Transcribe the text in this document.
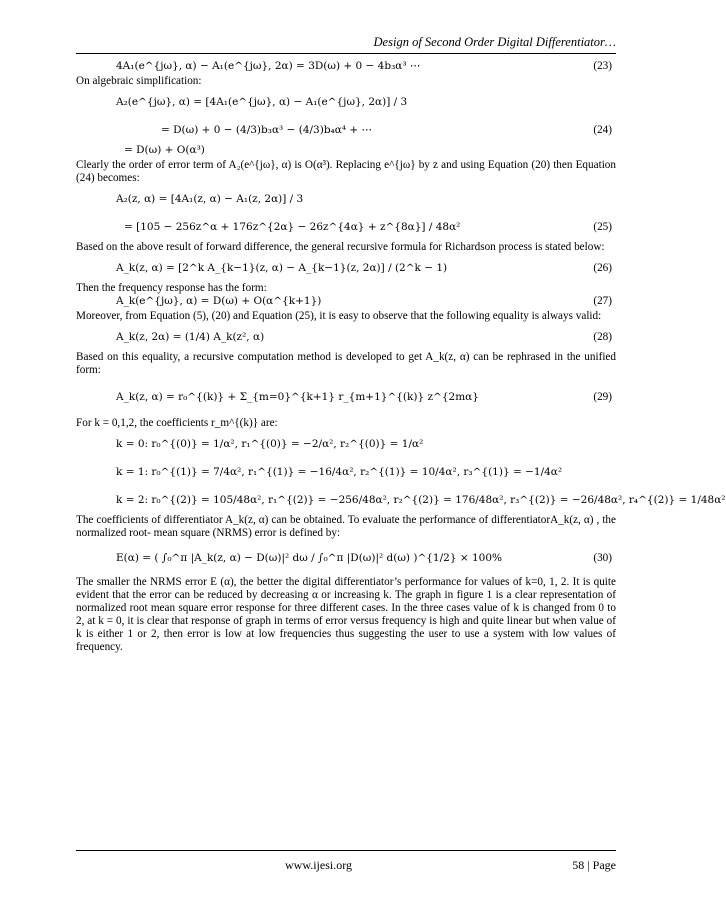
Design of Second Order Digital Differentiator…
4A₁(e^{jω}, α) − A₁(e^{jω}, 2α) = 3D(ω) + 0 − 4b₃α³ ⋯	(23)

On algebraic simplification:

A₂(e^{jω}, α) = [4A₁(e^{jω}, α) − A₁(e^{jω}, 2α)] / 3
= D(ω) + 0 − (4/3)b₃α³ − (4/3)b₄α⁴ + ⋯	(24)
= D(ω) + O(α³)

Clearly the order of error term of A₂(e^{jω}, α) is O(α³). Replacing e^{jω} by z and using Equation (20) then Equation (24) becomes:

A₂(z, α) = [4A₁(z, α) − A₁(z, 2α)] / 3
= [105 − 256z^α + 176z^{2α} − 26z^{4α} + z^{8α}] / 48α²	(25)

Based on the above result of forward difference, the general recursive formula for Richardson process is stated below:

A_k(z, α) = [2^k A_{k−1}(z, α) − A_{k−1}(z, 2α)] / (2^k − 1)	(26)

Then the frequency response has the form:

A_k(e^{jω}, α) = D(ω) + O(α^{k+1})	(27)

Moreover, from Equation (5), (20) and Equation (25), it is easy to observe that the following equality is always valid:

A_k(z, 2α) = (1/4) A_k(z², α)	(28)

Based on this equality, a recursive computation method is developed to get A_k(z, α) can be rephrased in the unified form:

A_k(z, α) = r₀^{(k)} + Σ_{m=0}^{k+1} r_{m+1}^{(k)} z^{2mα}	(29)

For k = 0,1,2, the coefficients r_m^{(k)} are:

k = 0: r₀^{(0)} = 1/α², r₁^{(0)} = −2/α², r₂^{(0)} = 1/α²
k = 1: r₀^{(1)} = 7/4α², r₁^{(1)} = −16/4α², r₂^{(1)} = 10/4α², r₃^{(1)} = −1/4α²
k = 2: r₀^{(2)} = 105/48α², r₁^{(2)} = −256/48α², r₂^{(2)} = 176/48α², r₃^{(2)} = −26/48α², r₄^{(2)} = 1/48α²

The coefficients of differentiator A_k(z, α) can be obtained. To evaluate the performance of differentiatorA_k(z, α) , the normalized root- mean square (NRMS) error is defined by:

E(α) = ( ∫₀^π |A_k(z, α) − D(ω)|² dω / ∫₀^π |D(ω)|² d(ω) )^{1/2} × 100%	(30)

The smaller the NRMS error E (α), the better the digital differentiator’s performance for values of k=0, 1, 2. It is quite evident that the error can be reduced by decreasing α or increasing k. The graph in figure 1 is a clear representation of normalized root mean square error response for three different cases. In the three cases value of k is changed from 0 to 2, at k = 0, it is clear that response of graph in terms of error versus frequency is high and quite linear but when value of k is either 1 or 2, then error is low at low frequencies thus suggesting the user to use a system with low values of frequency.

www.ijesi.org	58 | Page
